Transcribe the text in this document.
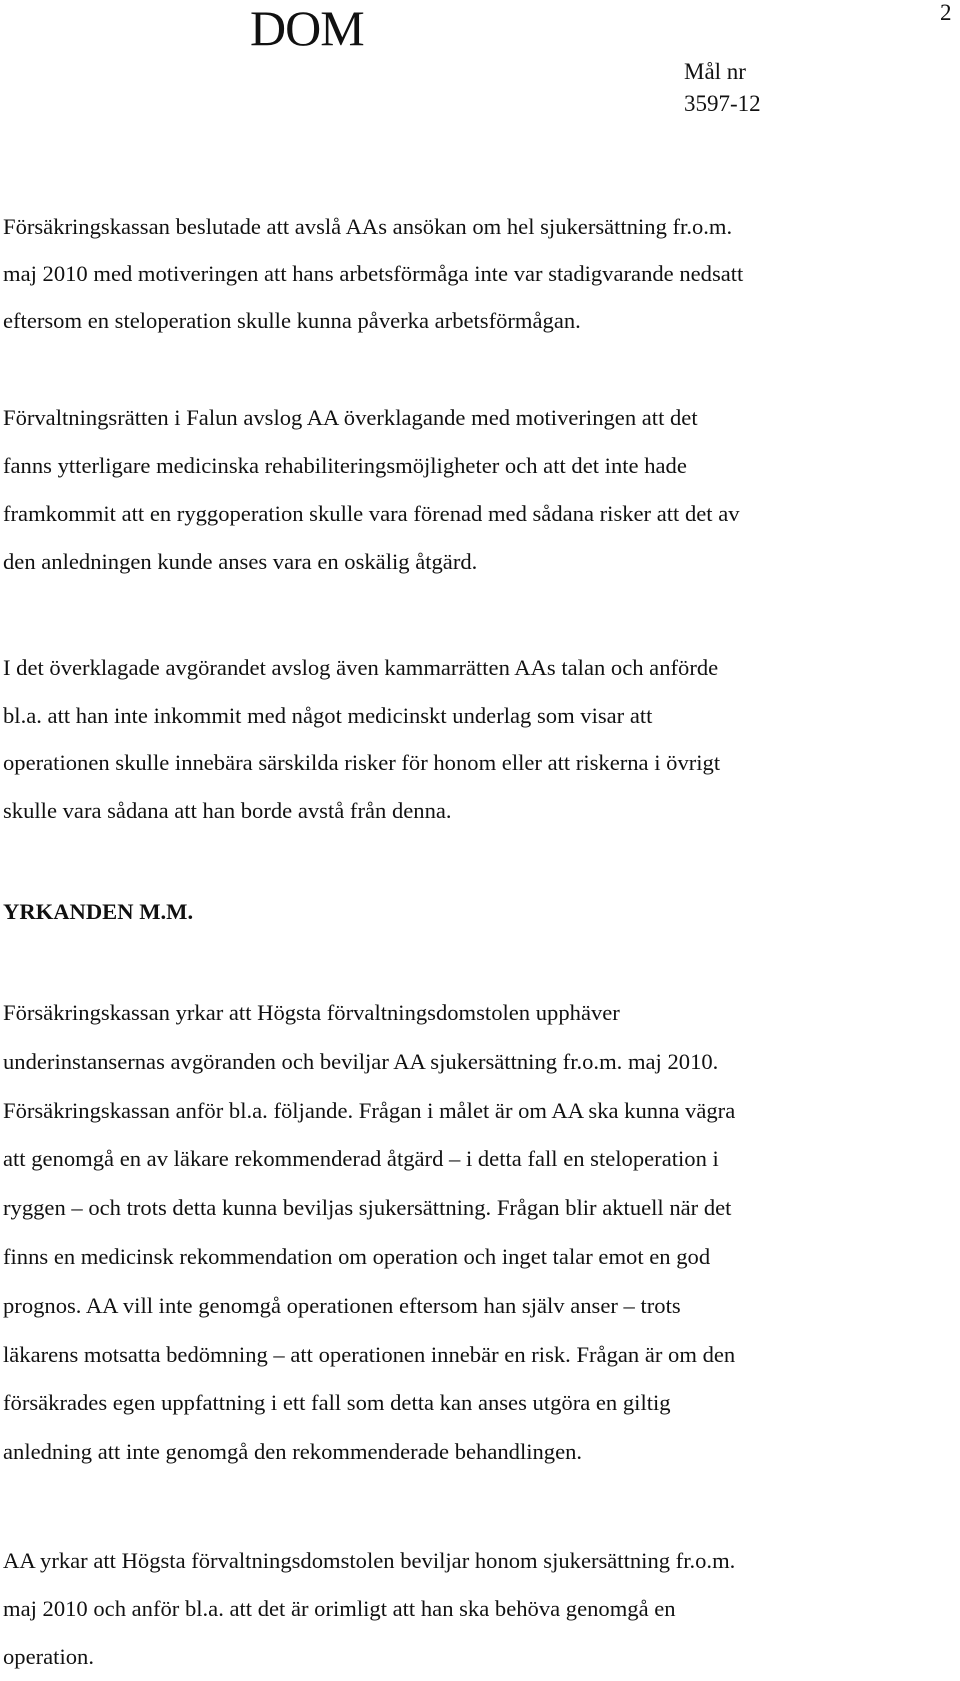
DOM	2
Mål nr
3597-12

Försäkringskassan beslutade att avslå AAs ansökan om hel sjukersättning fr.o.m.
maj 2010 med motiveringen att hans arbetsförmåga inte var stadigvarande nedsatt
eftersom en steloperation skulle kunna påverka arbetsförmågan.

Förvaltningsrätten i Falun avslog AA överklagande med motiveringen att det
fanns ytterligare medicinska rehabiliteringsmöjligheter och att det inte hade
framkommit att en ryggoperation skulle vara förenad med sådana risker att det av
den anledningen kunde anses vara en oskälig åtgärd.

I det överklagade avgörandet avslog även kammarrätten AAs talan och anförde
bl.a. att han inte inkommit med något medicinskt underlag som visar att
operationen skulle innebära särskilda risker för honom eller att riskerna i övrigt
skulle vara sådana att han borde avstå från denna.

YRKANDEN M.M.

Försäkringskassan yrkar att Högsta förvaltningsdomstolen upphäver
underinstansernas avgöranden och beviljar AA sjukersättning fr.o.m. maj 2010.
Försäkringskassan anför bl.a. följande. Frågan i målet är om AA ska kunna vägra
att genomgå en av läkare rekommenderad åtgärd – i detta fall en steloperation i
ryggen – och trots detta kunna beviljas sjukersättning. Frågan blir aktuell när det
finns en medicinsk rekommendation om operation och inget talar emot en god
prognos. AA vill inte genomgå operationen eftersom han själv anser – trots
läkarens motsatta bedömning – att operationen innebär en risk. Frågan är om den
försäkrades egen uppfattning i ett fall som detta kan anses utgöra en giltig
anledning att inte genomgå den rekommenderade behandlingen.

AA yrkar att Högsta förvaltningsdomstolen beviljar honom sjukersättning fr.o.m.
maj 2010 och anför bl.a. att det är orimligt att han ska behöva genomgå en
operation.
